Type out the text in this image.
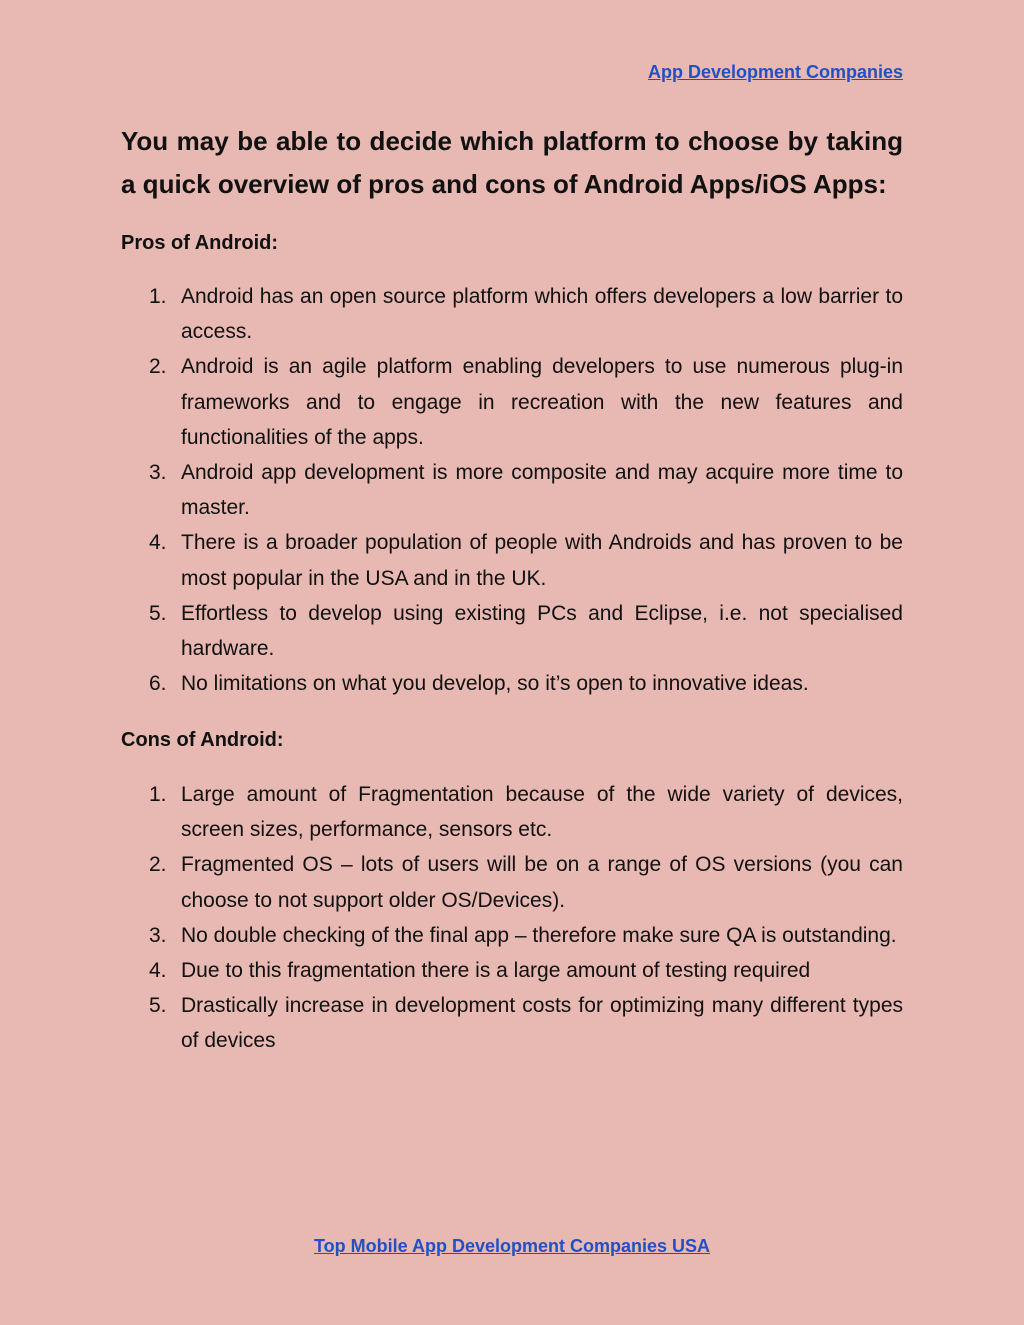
App Development Companies
You may be able to decide which platform to choose by taking a quick overview of pros and cons of Android Apps/iOS Apps:
Pros of Android:
1. Android has an open source platform which offers developers a low barrier to access.
2. Android is an agile platform enabling developers to use numerous plug-in frameworks and to engage in recreation with the new features and functionalities of the apps.
3. Android app development is more composite and may acquire more time to master.
4. There is a broader population of people with Androids and has proven to be most popular in the USA and in the UK.
5. Effortless to develop using existing PCs and Eclipse, i.e. not specialised hardware.
6. No limitations on what you develop, so it’s open to innovative ideas.
Cons of Android:
1. Large amount of Fragmentation because of the wide variety of devices, screen sizes, performance, sensors etc.
2. Fragmented OS – lots of users will be on a range of OS versions (you can choose to not support older OS/Devices).
3. No double checking of the final app – therefore make sure QA is outstanding.
4. Due to this fragmentation there is a large amount of testing required
5. Drastically increase in development costs for optimizing many different types of devices
Top Mobile App Development Companies USA
